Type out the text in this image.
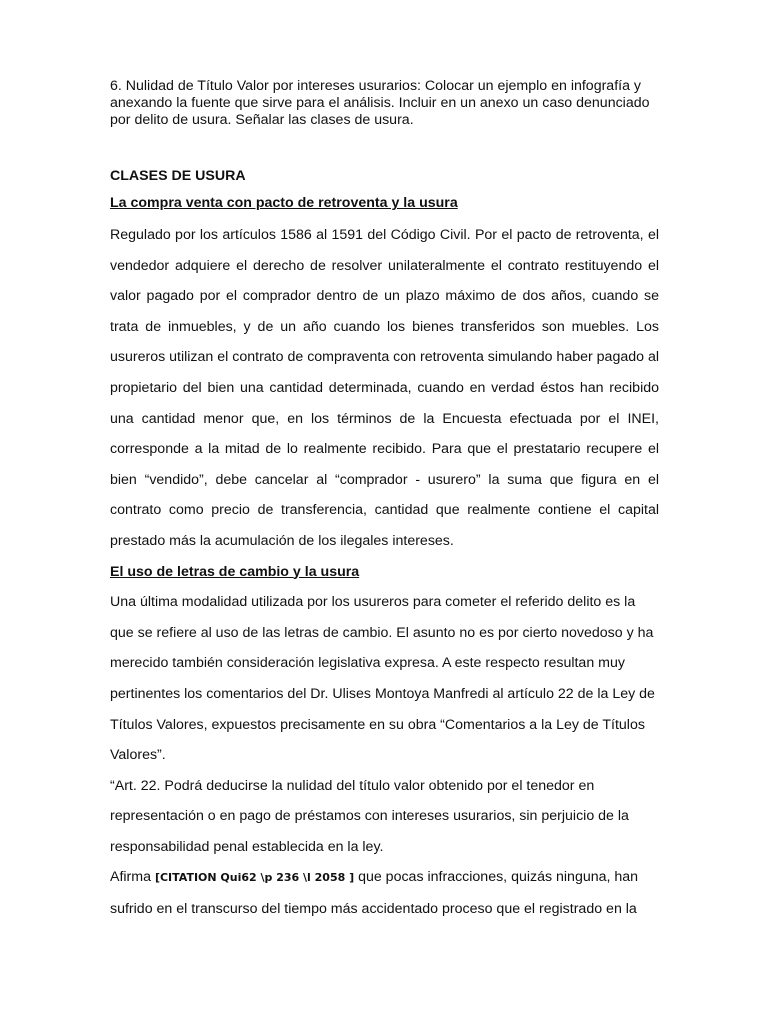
6. Nulidad de Título Valor por intereses usurarios: Colocar un ejemplo en infografía y anexando la fuente que sirve para el análisis. Incluir en un anexo un caso denunciado por delito de usura. Señalar las clases de usura.

CLASES DE USURA
La compra venta con pacto de retroventa y la usura

Regulado por los artículos 1586 al 1591 del Código Civil. Por el pacto de retroventa, el vendedor adquiere el derecho de resolver unilateralmente el contrato restituyendo el valor pagado por el comprador dentro de un plazo máximo de dos años, cuando se trata de inmuebles, y de un año cuando los bienes transferidos son muebles. Los usureros utilizan el contrato de compraventa con retroventa simulando haber pagado al propietario del bien una cantidad determinada, cuando en verdad éstos han recibido una cantidad menor que, en los términos de la Encuesta efectuada por el INEI, corresponde a la mitad de lo realmente recibido. Para que el prestatario recupere el bien “vendido”, debe cancelar al “comprador - usurero” la suma que figura en el contrato como precio de transferencia, cantidad que realmente contiene el capital prestado más la acumulación de los ilegales intereses.

El uso de letras de cambio y la usura

Una última modalidad utilizada por los usureros para cometer el referido delito es la que se refiere al uso de las letras de cambio. El asunto no es por cierto novedoso y ha merecido también consideración legislativa expresa. A este respecto resultan muy pertinentes los comentarios del Dr. Ulises Montoya Manfredi al artículo 22 de la Ley de Títulos Valores, expuestos precisamente en su obra “Comentarios a la Ley de Títulos Valores”.

“Art. 22. Podrá deducirse la nulidad del título valor obtenido por el tenedor en representación o en pago de préstamos con intereses usurarios, sin perjuicio de la responsabilidad penal establecida en la ley.

Afirma [CITATION Qui62 \p 236 \l 2058 ] que pocas infracciones, quizás ninguna, han sufrido en el transcurso del tiempo más accidentado proceso que el registrado en la
